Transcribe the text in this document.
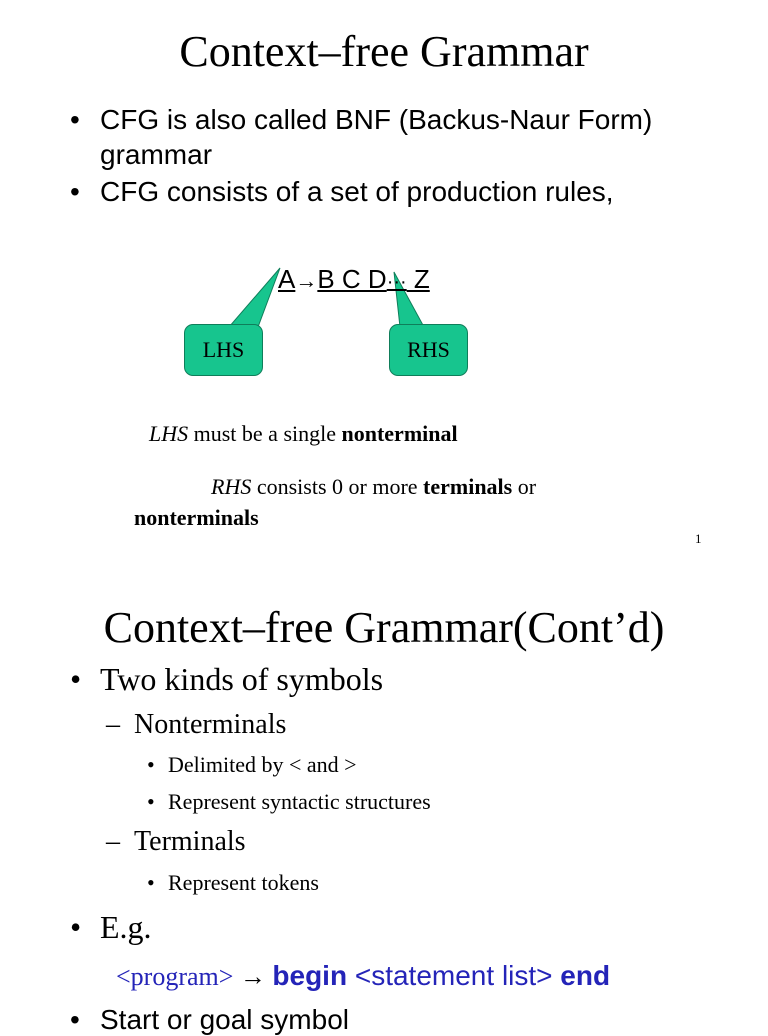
Context–free Grammar
• CFG is also called BNF (Backus-Naur Form)
grammar
• CFG consists of a set of production rules,
A→B C D··· Z
LHS	RHS
LHS must be a single nonterminal
RHS consists 0 or more terminals or
nonterminals
1
Context–free Grammar(Cont’d)
• Two kinds of symbols
– Nonterminals
• Delimited by < and >
• Represent syntactic structures
– Terminals
• Represent tokens
• E.g.
<program> → begin <statement list> end
• Start or goal symbol
